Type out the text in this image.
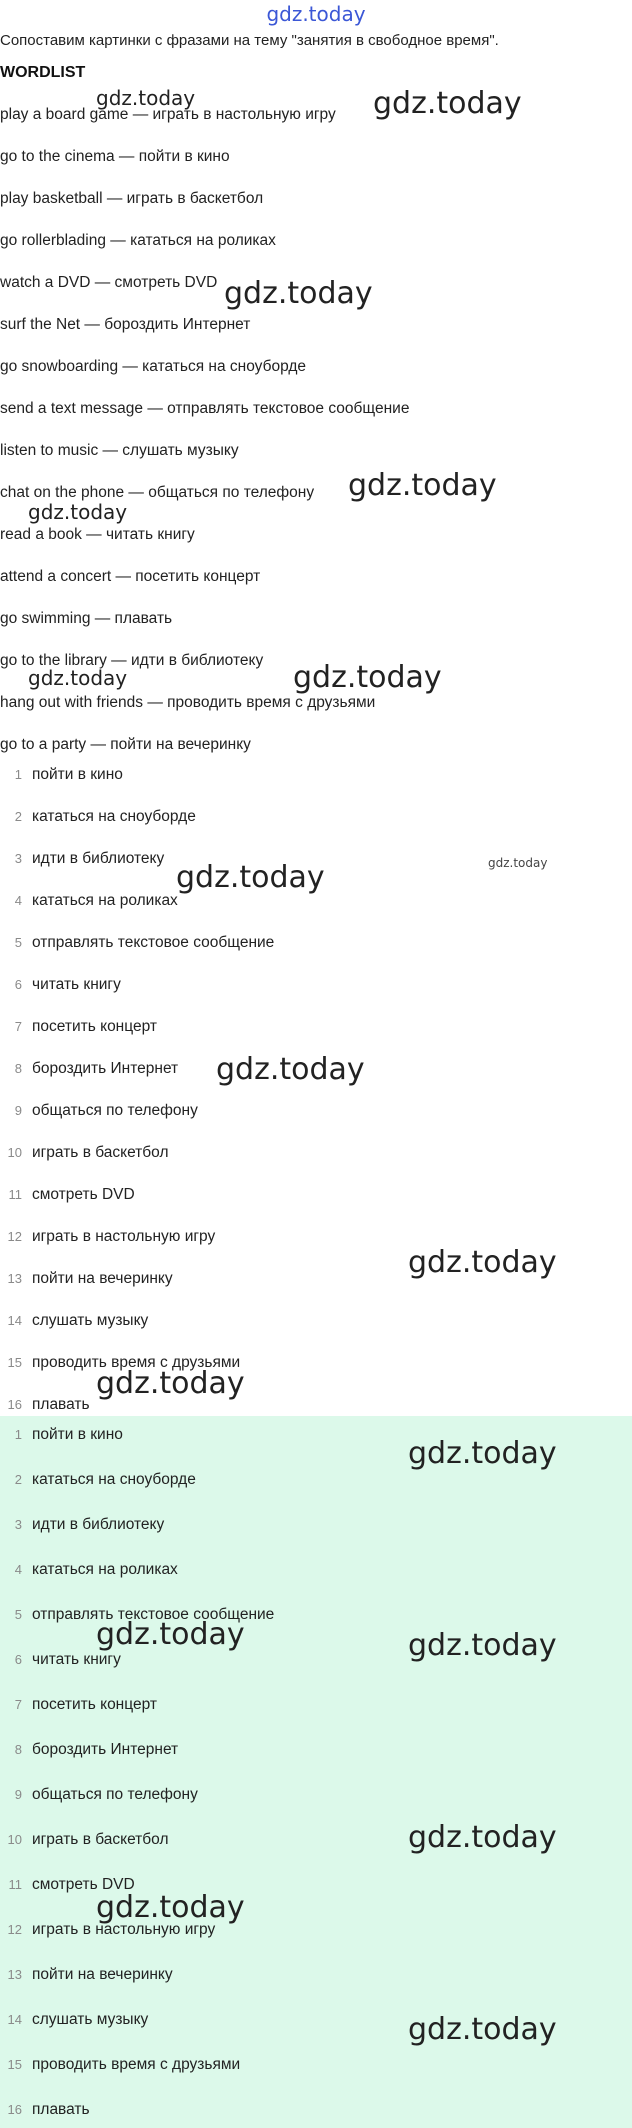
gdz.today
Сопоставим картинки с фразами на тему "занятия в свободное время".
WORDLIST
play a board game — играть в настольную игру
go to the cinema — пойти в кино
play basketball — играть в баскетбол
go rollerblading — кататься на роликах
watch a DVD — смотреть DVD
surf the Net — бороздить Интернет
go snowboarding — кататься на сноуборде
send a text message — отправлять текстовое сообщение
listen to music — слушать музыку
chat on the phone — общаться по телефону
read a book — читать книгу
attend a concert — посетить концерт
go swimming — плавать
go to the library — идти в библиотеку
hang out with friends — проводить время с друзьями
go to a party — пойти на вечеринку
1 пойти в кино
2 кататься на сноуборде
3 идти в библиотеку
4 кататься на роликах
5 отправлять текстовое сообщение
6 читать книгу
7 посетить концерт
8 бороздить Интернет
9 общаться по телефону
10 играть в баскетбол
11 смотреть DVD
12 играть в настольную игру
13 пойти на вечеринку
14 слушать музыку
15 проводить время с друзьями
16 плавать
1 пойти в кино
2 кататься на сноуборде
3 идти в библиотеку
4 кататься на роликах
5 отправлять текстовое сообщение
6 читать книгу
7 посетить концерт
8 бороздить Интернет
9 общаться по телефону
10 играть в баскетбол
11 смотреть DVD
12 играть в настольную игру
13 пойти на вечеринку
14 слушать музыку
15 проводить время с друзьями
16 плавать
gdz.today	gdz.today
gdz.today
gdz.today
gdz.today
gdz.today	gdz.today
gdz.today
gdz.today
gdz.today
gdz.today
gdz.today
gdz.today
gdz.today	gdz.today
gdz.today
gdz.today
gdz.today
